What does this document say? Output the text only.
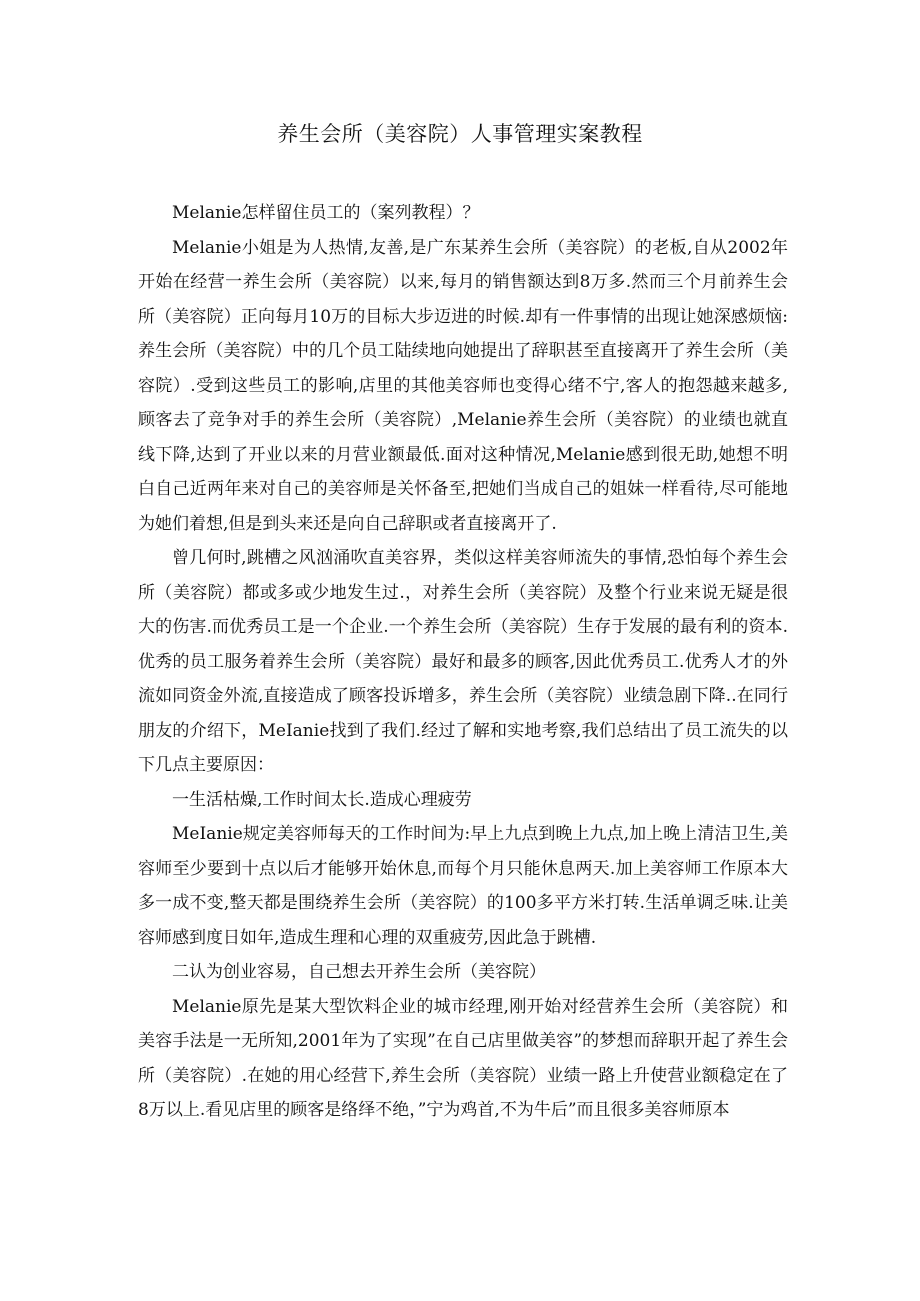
养生会所（美容院）人事管理实案教程

Melanie怎样留住员工的（案列教程）？

Melanie小姐是为人热情,友善,是广东某养生会所（美容院）的老板,自从2002年开始在经营一养生会所（美容院）以来,每月的销售额达到8万多.然而三个月前养生会所（美容院）正向每月10万的目标大步迈进的时候.却有一件事情的出现让她深感烦恼:养生会所（美容院）中的几个员工陆续地向她提出了辞职甚至直接离开了养生会所（美容院）.受到这些员工的影响,店里的其他美容师也变得心绪不宁,客人的抱怨越来越多,顾客去了竞争对手的养生会所（美容院）,Melanie养生会所（美容院）的业绩也就直线下降,达到了开业以来的月营业额最低.面对这种情况,Melanie感到很无助,她想不明白自己近两年来对自己的美容师是关怀备至,把她们当成自己的姐妹一样看待,尽可能地为她们着想,但是到头来还是向自己辞职或者直接离开了.

曾几何时,跳槽之风汹涌吹直美容界，类似这样美容师流失的事情,恐怕每个养生会所（美容院）都或多或少地发生过.，对养生会所（美容院）及整个行业来说无疑是很大的伤害.而优秀员工是一个企业.一个养生会所（美容院）生存于发展的最有利的资本.优秀的员工服务着养生会所（美容院）最好和最多的顾客,因此优秀员工.优秀人才的外流如同资金外流,直接造成了顾客投诉增多，养生会所（美容院）业绩急剧下降..在同行朋友的介绍下，MeIanie找到了我们.经过了解和实地考察,我们总结出了员工流失的以下几点主要原因：

一生活枯燥,工作时间太长.造成心理疲劳

MeIanie规定美容师每天的工作时间为:早上九点到晚上九点,加上晚上清洁卫生,美容师至少要到十点以后才能够开始休息,而每个月只能休息两天.加上美容师工作原本大多一成不变,整天都是围绕养生会所（美容院）的100多平方米打转.生活单调乏味.让美容师感到度日如年,造成生理和心理的双重疲劳,因此急于跳槽.

二认为创业容易，自己想去开养生会所（美容院）

Melanie原先是某大型饮料企业的城市经理,刚开始对经营养生会所（美容院）和美容手法是一无所知,2001年为了实现”在自己店里做美容”的梦想而辞职开起了养生会所（美容院）.在她的用心经营下,养生会所（美容院）业绩一路上升使营业额稳定在了8万以上.看见店里的顾客是络绎不绝，”宁为鸡首,不为牛后”而且很多美容师原本
